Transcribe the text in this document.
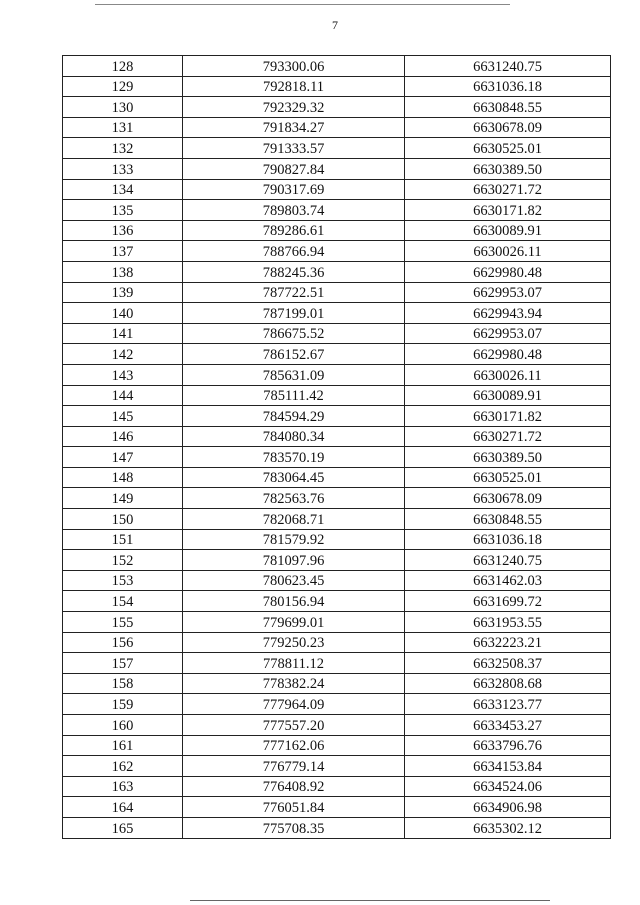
7
128	793300.06	6631240.75
129	792818.11	6631036.18
130	792329.32	6630848.55
131	791834.27	6630678.09
132	791333.57	6630525.01
133	790827.84	6630389.50
134	790317.69	6630271.72
135	789803.74	6630171.82
136	789286.61	6630089.91
137	788766.94	6630026.11
138	788245.36	6629980.48
139	787722.51	6629953.07
140	787199.01	6629943.94
141	786675.52	6629953.07
142	786152.67	6629980.48
143	785631.09	6630026.11
144	785111.42	6630089.91
145	784594.29	6630171.82
146	784080.34	6630271.72
147	783570.19	6630389.50
148	783064.45	6630525.01
149	782563.76	6630678.09
150	782068.71	6630848.55
151	781579.92	6631036.18
152	781097.96	6631240.75
153	780623.45	6631462.03
154	780156.94	6631699.72
155	779699.01	6631953.55
156	779250.23	6632223.21
157	778811.12	6632508.37
158	778382.24	6632808.68
159	777964.09	6633123.77
160	777557.20	6633453.27
161	777162.06	6633796.76
162	776779.14	6634153.84
163	776408.92	6634524.06
164	776051.84	6634906.98
165	775708.35	6635302.12
